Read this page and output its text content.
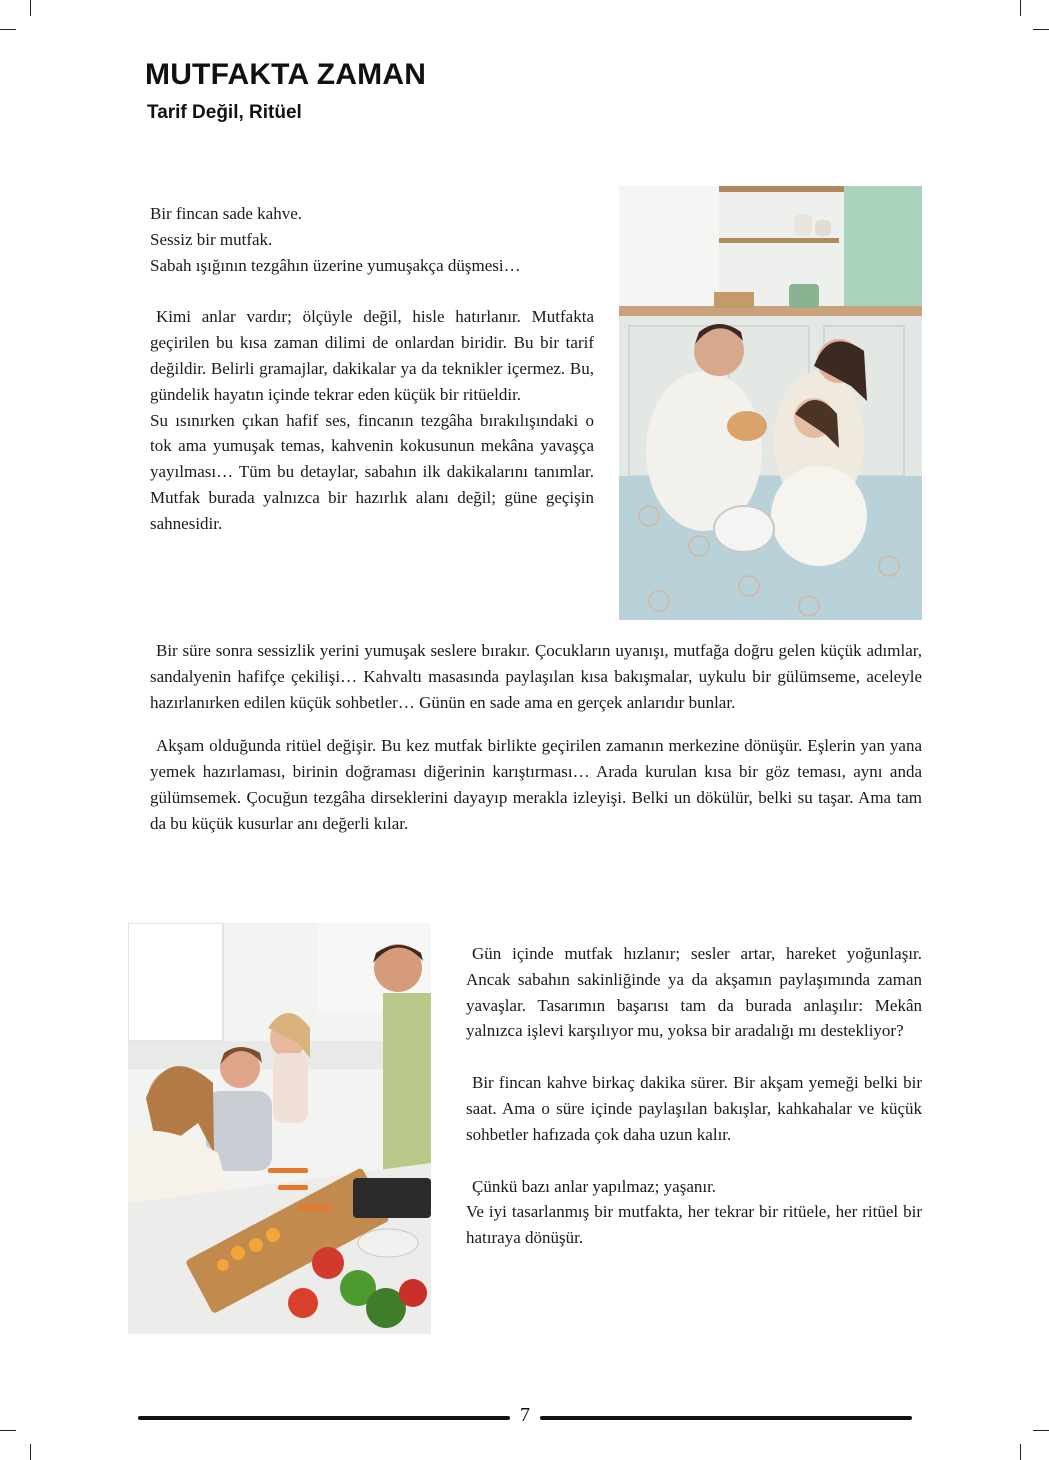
MUTFAKTA ZAMAN
Tarif Değil, Ritüel

Bir fincan sade kahve.

Sessiz bir mutfak.

Sabah ışığının tezgâhın üzerine yumuşakça düşmesi…

Kimi anlar vardır; ölçüyle değil, hisle hatırlanır. Mutfakta geçirilen bu kısa zaman dilimi de onlardan biridir. Bu bir tarif değildir. Belirli gramajlar, dakikalar ya da teknikler içermez. Bu, gündelik hayatın içinde tekrar eden küçük bir ritüeldir.

Su ısınırken çıkan hafif ses, fincanın tezgâha bırakılışındaki o tok ama yumuşak temas, kahvenin kokusunun mekâna yavaşça yayılması… Tüm bu detaylar, sabahın ilk dakikalarını tanımlar. Mutfak burada yalnızca bir hazırlık alanı değil; güne geçişin sahnesidir.

Bir süre sonra sessizlik yerini yumuşak seslere bırakır. Çocukların uyanışı, mutfağa doğru gelen küçük adımlar, sandalyenin hafifçe çekilişi… Kahvaltı masasında paylaşılan kısa bakışmalar, uykulu bir gülümseme, aceleyle hazırlanırken edilen küçük sohbetler… Günün en sade ama en gerçek anlarıdır bunlar.

Akşam olduğunda ritüel değişir. Bu kez mutfak birlikte geçirilen zamanın merkezine dönüşür. Eşlerin yan yana yemek hazırlaması, birinin doğraması diğerinin karıştırması… Arada kurulan kısa bir göz teması, aynı anda gülümsemek. Çocuğun tezgâha dirseklerini dayayıp merakla izleyişi. Belki un dökülür, belki su taşar. Ama tam da bu küçük kusurlar anı değerli kılar.

Gün içinde mutfak hızlanır; sesler artar, hareket yoğunlaşır. Ancak sabahın sakinliğinde ya da akşamın paylaşımında zaman yavaşlar. Tasarımın başarısı tam da burada anlaşılır: Mekân yalnızca işlevi karşılıyor mu, yoksa bir aradalığı mı destekliyor?

Bir fincan kahve birkaç dakika sürer. Bir akşam yemeği belki bir saat. Ama o süre içinde paylaşılan bakışlar, kahkahalar ve küçük sohbetler hafızada çok daha uzun kalır.

Çünkü bazı anlar yapılmaz; yaşanır.

Ve iyi tasarlanmış bir mutfakta, her tekrar bir ritüele, her ritüel bir hatıraya dönüşür.

7
